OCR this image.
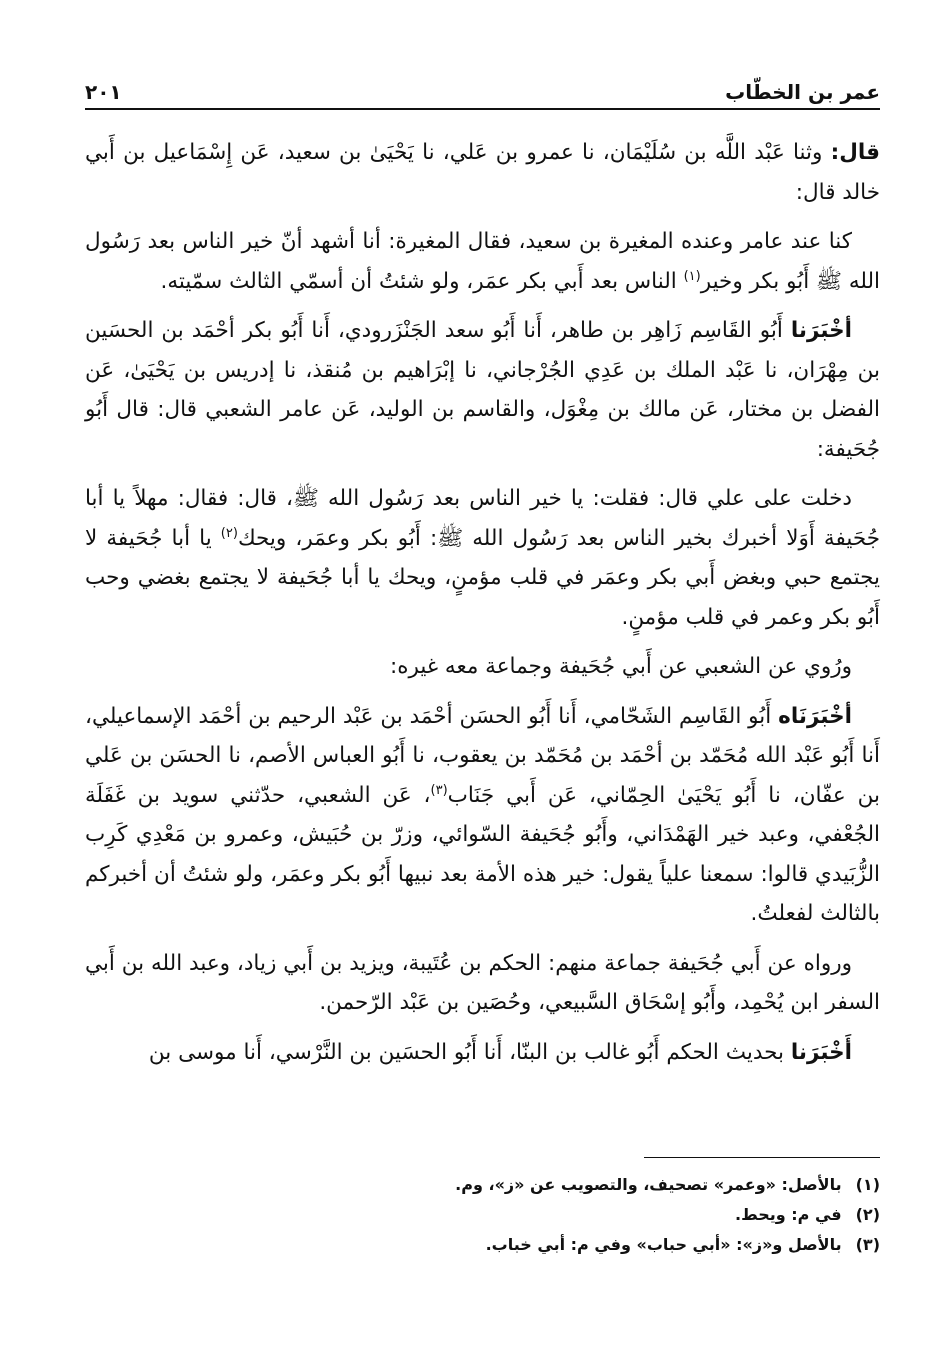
عمر بن الخطّاب
٢٠١

قال: وثنا عَبْد اللَّه بن سُلَيْمَان، نا عمرو بن عَلي، نا يَحْيَىٰ بن سعيد، عَن إِسْمَاعيل بن أَبي خالد قال:

كنا عند عامر وعنده المغيرة بن سعيد، فقال المغيرة: أنا أشهد أنّ خير الناس بعد رَسُول الله ﷺ أَبُو بكر وخير$^{(١)}$ الناس بعد أَبي بكر عمَر، ولو شئتُ أن أسمّي الثالث سمّيته.

أخْبَرَنا أَبُو القَاسِم زَاهِر بن طاهر، أَنا أَبُو سعد الجَنْزَرودي، أَنا أَبُو بكر أحْمَد بن الحسَين بن مِهْرَان، نا عَبْد الملك بن عَدِي الجُرْجاني، نا إبْرَاهيم بن مُنقذ، نا إدريس بن يَحْيَىٰ، عَن الفضل بن مختار، عَن مالك بن مِغْوَل، والقاسم بن الوليد، عَن عامر الشعبي قال: قال أَبُو جُحَيفة:

دخلت على علي قال: فقلت: يا خير الناس بعد رَسُول الله ﷺ، قال: فقال: مهلاً يا أبا جُحَيفة أَوَلا أخبرك بخير الناس بعد رَسُول الله ﷺ: أَبُو بكر وعمَر، ويحك$^{(٢)}$ يا أبا جُحَيفة لا يجتمع حبي وبغض أَبي بكر وعمَر في قلب مؤمنٍ، ويحك يا أبا جُحَيفة لا يجتمع بغضي وحب أَبُو بكر وعمر في قلب مؤمنٍ.

ورُوي عن الشعبي عن أَبي جُحَيفة وجماعة معه غيره:

أخْبَرَنَاه أَبُو القَاسِم الشَحّامي، أَنا أَبُو الحسَن أحْمَد بن عَبْد الرحيم بن أحْمَد الإسماعيلي، أَنا أَبُو عَبْد الله مُحَمّد بن أحْمَد بن مُحَمّد بن يعقوب، نا أَبُو العباس الأصم، نا الحسَن بن عَلي بن عفّان، نا أَبُو يَحْيَىٰ الحِمّاني، عَن أَبي جَنَاب$^{(٣)}$، عَن الشعبي، حدّثني سويد بن غَفَلَة الجُعْفي، وعبد خير الهَمْدَاني، وأَبُو جُحَيفة السّوائي، وزرّ بن حُبَيش، وعمرو بن مَعْدِي كَرِب الزُّبَيدي قالوا: سمعنا علياً يقول: خير هذه الأمة بعد نبيها أَبُو بكر وعمَر، ولو شئتُ أن أخبركم بالثالث لفعلتُ.

ورواه عن أَبي جُحَيفة جماعة منهم: الحكم بن عُتَيبة، ويزيد بن أَبي زياد، وعبد الله بن أَبي السفر ابن يُحْمِد، وأَبُو إسْحَاق السَّبيعي، وحُصَين بن عَبْد الرّحمن.

أَخْبَرَنا بحديث الحكم أَبُو غالب بن البنّا، أَنا أَبُو الحسَين بن النَّرْسي، أَنا موسى بن

(١)
بالأصل: «وعمر» تصحيف، والتصويب عن «ز»، وم.
(٢)
في م: ويحط.
(٣)
بالأصل و«ز»: «أبي حباب» وفي م: أبي خباب.
